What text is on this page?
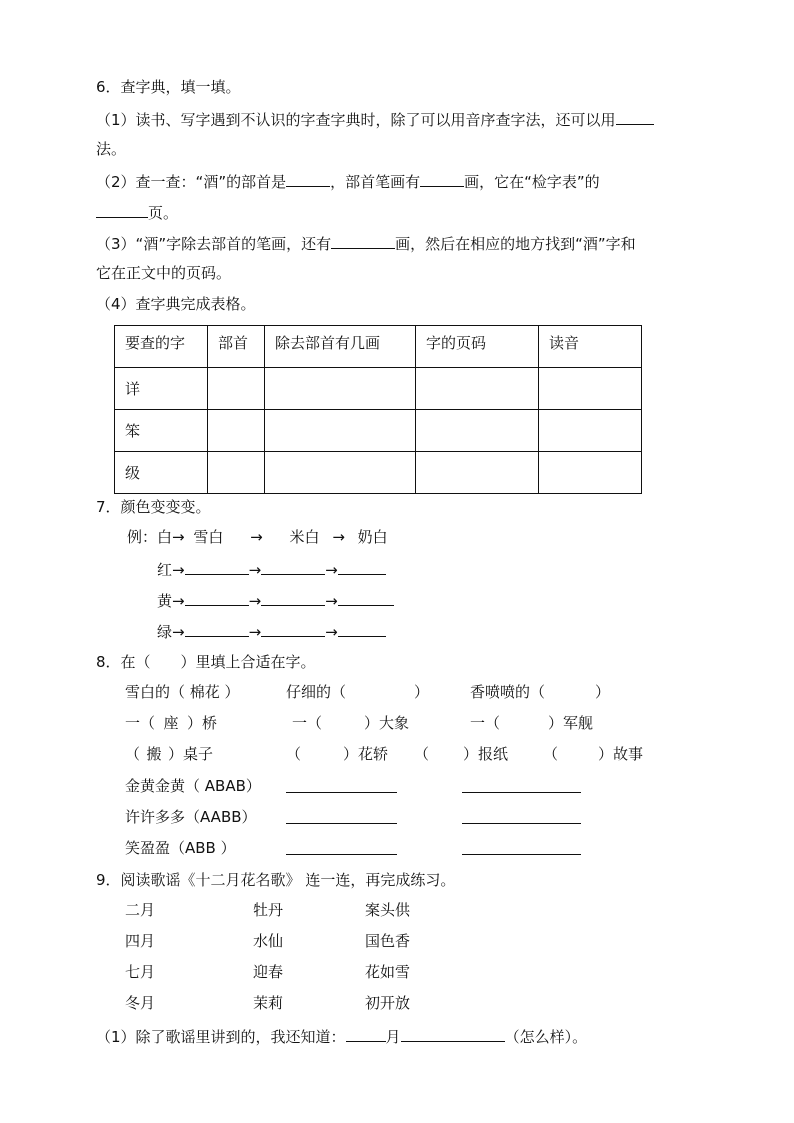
6．查字典，填一填。
（1）读书、写字遇到不认识的字查字典时，除了可以用音序查字法，还可以用
法。
（2）查一查：“酒”的部首是	，部首笔画有	画，它在“检字表”的
页。
（3）“酒”字除去部首的笔画，还有	画，然后在相应的地方找到“酒”字和
它在正文中的页码。
（4）查字典完成表格。
要查的字	部首	除去部首有几画	字的页码	读音
详				
笨				
级				
7．颜色变变变。
例：白→ 雪白 → 米白 → 奶白
红→	→	→
黄→	→	→
绿→	→	→
8．在（　　）里填上合适在字。
雪白的（ 棉花 ）	仔细的（	）	香喷喷的（	）
一（ 座 ）桥	一（	）大象	一（	）军舰
（ 搬 ）桌子	（	）花轿 （ ）报纸 （	）故事
金黄金黄（ ABAB）
许许多多（AABB）
笑盈盈（ABB ）
9．阅读歌谣《十二月花名歌》 连一连，再完成练习。
二月	牡丹	案头供
四月	水仙	国色香
七月	迎春	花如雪
冬月	茉莉	初开放
（1）除了歌谣里讲到的，我还知道：	月	（怎么样）。
